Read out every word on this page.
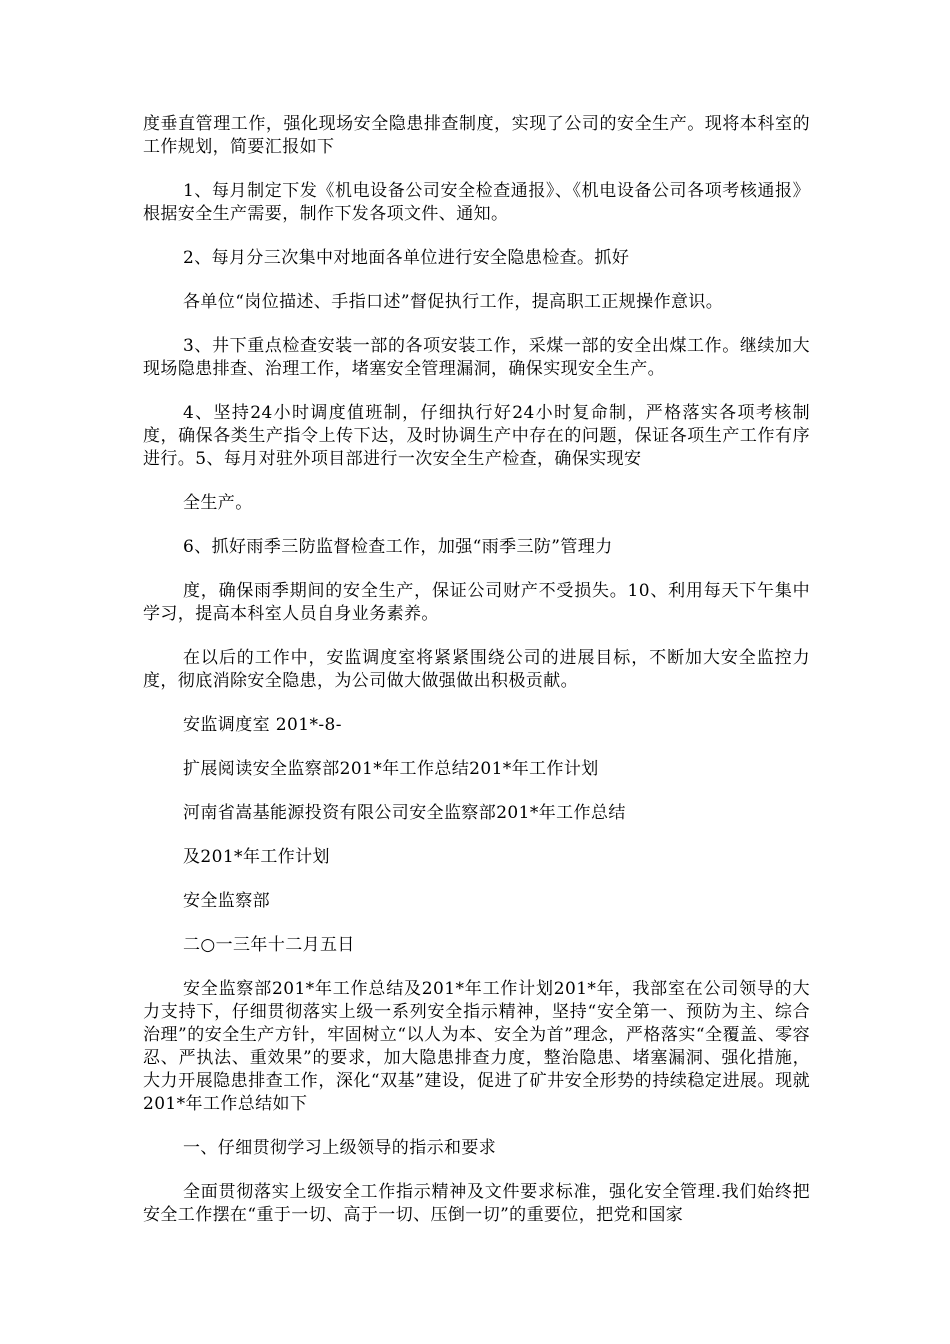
度垂直管理工作，强化现场安全隐患排查制度，实现了公司的安全生产。现将本科室的工作规划，简要汇报如下

1、每月制定下发《机电设备公司安全检查通报》、《机电设备公司各项考核通报》根据安全生产需要，制作下发各项文件、通知。

2、每月分三次集中对地面各单位进行安全隐患检查。抓好

各单位“岗位描述、手指口述”督促执行工作，提高职工正规操作意识。

3、井下重点检查安装一部的各项安装工作，采煤一部的安全出煤工作。继续加大现场隐患排查、治理工作，堵塞安全管理漏洞，确保实现安全生产。

4、坚持24小时调度值班制，仔细执行好24小时复命制，严格落实各项考核制度，确保各类生产指令上传下达，及时协调生产中存在的问题，保证各项生产工作有序进行。5、每月对驻外项目部进行一次安全生产检查，确保实现安

全生产。

6、抓好雨季三防监督检查工作，加强“雨季三防”管理力

度，确保雨季期间的安全生产，保证公司财产不受损失。10、利用每天下午集中学习，提高本科室人员自身业务素养。

在以后的工作中，安监调度室将紧紧围绕公司的进展目标，不断加大安全监控力度，彻底消除安全隐患，为公司做大做强做出积极贡献。

安监调度室 201*-8-

扩展阅读安全监察部201*年工作总结201*年工作计划

河南省嵩基能源投资有限公司安全监察部201*年工作总结

及201*年工作计划

安全监察部

二○一三年十二月五日

安全监察部201*年工作总结及201*年工作计划201*年，我部室在公司领导的大力支持下，仔细贯彻落实上级一系列安全指示精神，坚持“安全第一、预防为主、综合治理”的安全生产方针，牢固树立“以人为本、安全为首”理念，严格落实“全覆盖、零容忍、严执法、重效果”的要求，加大隐患排查力度，整治隐患、堵塞漏洞、强化措施，大力开展隐患排查工作，深化“双基”建设，促进了矿井安全形势的持续稳定进展。现就201*年工作总结如下

一、仔细贯彻学习上级领导的指示和要求

全面贯彻落实上级安全工作指示精神及文件要求标准，强化安全管理.我们始终把安全工作摆在“重于一切、高于一切、压倒一切”的重要位，把党和国家
